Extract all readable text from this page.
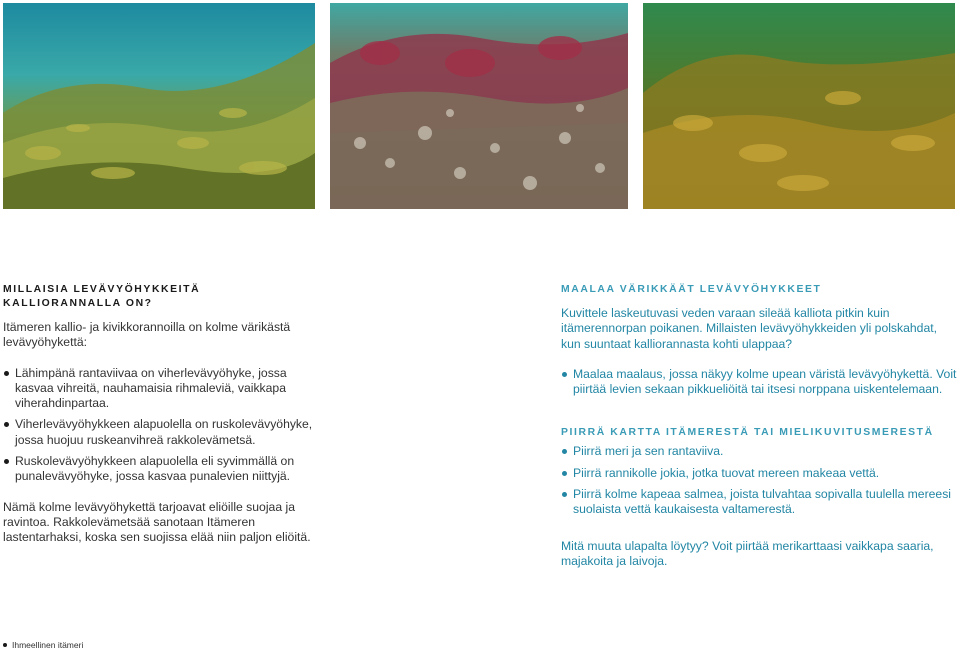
MILLAISIA LEVÄVYÖHYKKEITÄ
KALLIORANNALLA ON?

Itämeren kallio- ja kivikkorannoilla on kolme värikästä levävyöhykettä:

Lähimpänä rantaviivaa on viherlevävyöhyke, jossa kasvaa vihreitä, nauhamaisia rihmaleviä, vaikkapa viherahdinpartaa.
Viherlevävyöhykkeen alapuolella on ruskolevävyöhyke, jossa huojuu ruskeanvihreä rakkolevämetsä.
Ruskolevävyöhykkeen alapuolella eli syvimmällä on punalevävyöhyke, jossa kasvaa punalevien niittyjä.

Nämä kolme levävyöhykettä tarjoavat eliöille suojaa ja ravintoa. Rakkolevämetsää sanotaan Itämeren lastentarhaksi, koska sen suojissa elää niin paljon eliöitä.

MAALAA VÄRIKKÄÄT LEVÄVYÖHYKKEET

Kuvittele laskeutuvasi veden varaan sileää kalliota pitkin kuin itämerennorpan poikanen. Millaisten levävyöhykkeiden yli polskahdat, kun suuntaat kalliorannasta kohti ulappaa?

Maalaa maalaus, jossa näkyy kolme upean väristä levävyöhykettä. Voit piirtää levien sekaan pikkueliöitä tai itsesi norppana uiskentelemaan.

PIIRRÄ KARTTA ITÄMERESTÄ TAI MIELIKUVITUSMERESTÄ

Piirrä meri ja sen rantaviiva.
Piirrä rannikolle jokia, jotka tuovat mereen makeaa vettä.
Piirrä kolme kapeaa salmea, joista tulvahtaa sopivalla tuulella mereesi suolaista vettä kaukaisesta valtamerestä.

Mitä muuta ulapalta löytyy? Voit piirtää merikarttaasi vaikkapa saaria, majakoita ja laivoja.

Ihmeellinen itämeri
